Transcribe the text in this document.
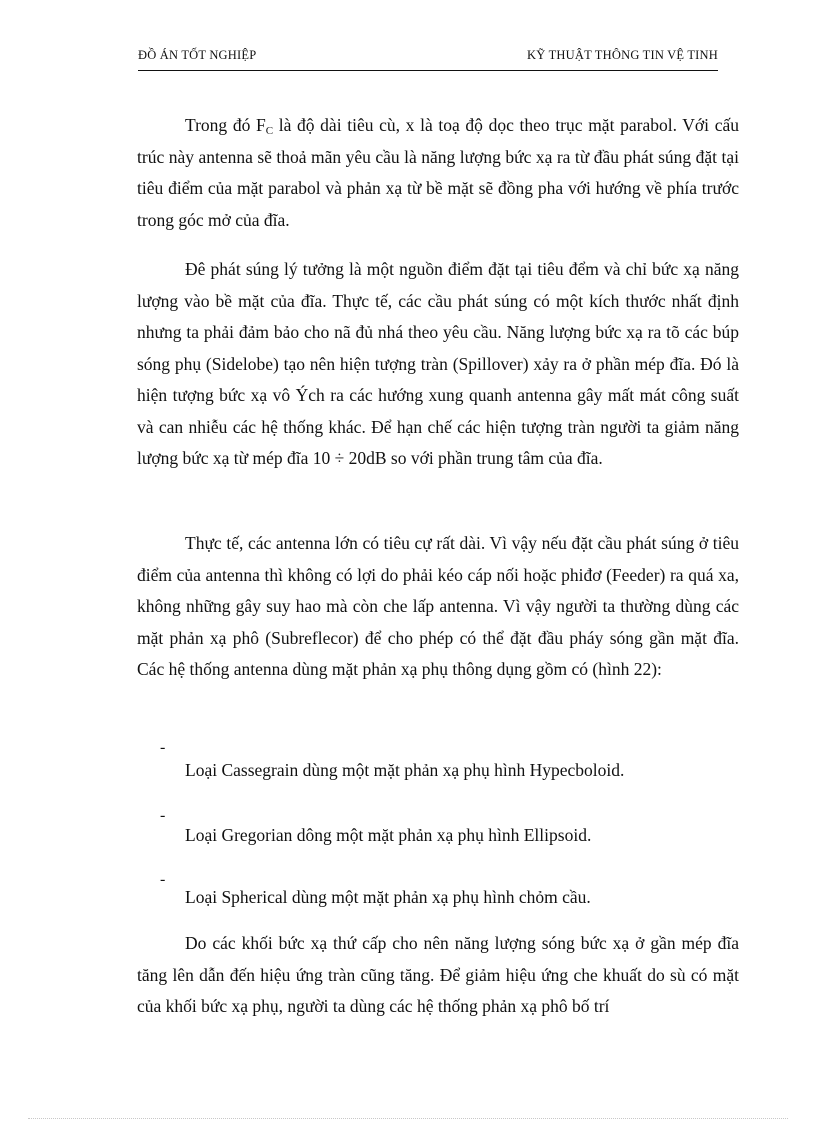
ĐỒ ÁN TỐT NGHIỆP	KỸ THUẬT THÔNG TIN VỆ TINH

Trong đó $F_C$ là độ dài tiêu cù, x là toạ độ dọc theo trục mặt parabol. Với cấu trúc này antenna sẽ thoả mãn yêu cầu là năng lượng bức xạ ra từ đầu phát súng đặt tại tiêu điểm của mặt parabol và phản xạ từ bề mặt sẽ đồng pha với hướng về phía trước trong góc mở của đĩa.

Đê phát súng lý tưởng là một nguồn điểm đặt tại tiêu đểm và chỉ bức xạ năng lượng vào bề mặt của đĩa. Thực tế, các cầu phát súng có một kích thước nhất định nhưng ta phải đảm bảo cho nã đủ nhá theo yêu cầu. Năng lượng bức xạ ra tõ các búp sóng phụ (Sidelobe) tạo nên hiện tượng tràn (Spillover) xảy ra ở phần mép đĩa. Đó là hiện tượng bức xạ vô Ých ra các hướng xung quanh antenna gây mất mát công suất và can nhiễu các hệ thống khác. Để hạn chế các hiện tượng tràn người ta giảm năng lượng bức xạ từ mép đĩa 10 ÷ 20dB so với phần trung tâm của đĩa.

Thực tế, các antenna lớn có tiêu cự rất dài. Vì vậy nếu đặt cầu phát súng ở tiêu điểm của antenna thì không có lợi do phải kéo cáp nối hoặc phiđơ (Feeder) ra quá xa, không những gây suy hao mà còn che lấp antenna. Vì vậy người ta thường dùng các mặt phản xạ phô (Subreflecor) để cho phép có thể đặt đầu pháy sóng gần mặt đĩa. Các hệ thống antenna dùng mặt phản xạ phụ thông dụng gồm có (hình 22):

-
Loại Cassegrain dùng một mặt phản xạ phụ hình Hypecboloid.
-
Loại Gregorian dông một mặt phản xạ phụ hình Ellipsoid.
-
Loại Spherical dùng một mặt phản xạ phụ hình chỏm cầu.

Do các khối bức xạ thứ cấp cho nên năng lượng sóng bức xạ ở gần mép đĩa tăng lên dẫn đến hiệu ứng tràn cũng tăng. Để giảm hiệu ứng che khuất do sù có mặt của khối bức xạ phụ, người ta dùng các hệ thống phản xạ phô bố trí
